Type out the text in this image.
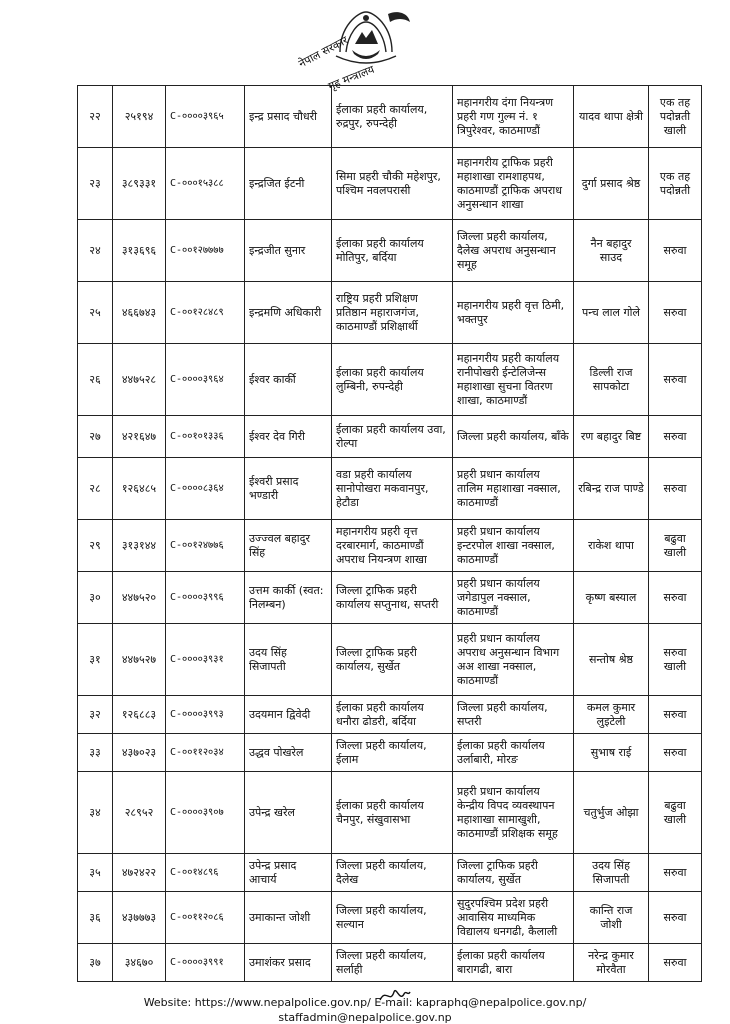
नेपाल सरकार
गृह मन्त्रालय
२२	२५१९४	C-००००३९६५	इन्द्र प्रसाद चौधरी	ईलाका प्रहरी कार्यालय, रुद्रपुर, रुपन्देही	महानगरीय दंगा नियन्त्रण प्रहरी गण गुल्म नं. १ त्रिपुरेश्वर, काठमाण्डौं	यादव थापा क्षेत्री	एक तह पदोन्नती खाली
२३	३८९३३१	C-०००१५३८८	इन्द्रजित ईटनी	सिमा प्रहरी चौकी महेशपुर, पश्चिम नवलपरासी	महानगरीय ट्राफिक प्रहरी महाशाखा रामशाहपथ, काठमाण्डौं ट्राफिक अपराध अनुसन्धान शाखा	दुर्गा प्रसाद श्रेष्ठ	एक तह पदोन्नती
२४	३१३६९६	C-००१२७७७७	इन्द्रजीत सुनार	ईलाका प्रहरी कार्यालय मोतिपुर, बर्दिया	जिल्ला प्रहरी कार्यालय, दैलेख अपराध अनुसन्धान समूह	नैन बहादुर साउद	सरुवा
२५	४६६७४३	C-००१२८४८९	इन्द्रमणि अधिकारी	राष्ट्रिय प्रहरी प्रशिक्षण प्रतिष्ठान महाराजगंज, काठमाण्डौं प्रशिक्षार्थी	महानगरीय प्रहरी वृत्त ठिमी, भक्तपुर	पन्च लाल गोले	सरुवा
२६	४४७५२८	C-००००३९६४	ईश्वर कार्की	ईलाका प्रहरी कार्यालय लुम्बिनी, रुपन्देही	महानगरीय प्रहरी कार्यालय रानीपोखरी ईन्टेलिजेन्स महाशाखा सुचना वितरण शाखा, काठमाण्डौं	डिल्ली राज सापकोटा	सरुवा
२७	४२१६४७	C-००१०१३३६	ईश्वर देव गिरी	ईलाका प्रहरी कार्यालय उवा, रोल्पा	जिल्ला प्रहरी कार्यालय, बाँके	रण बहादुर बिष्ट	सरुवा
२८	१२६४८५	C-००००८३६४	ईश्वरी प्रसाद भण्डारी	वडा प्रहरी कार्यालय सानोपोखरा मकवानपुर, हेटौडा	प्रहरी प्रधान कार्यालय तालिम महाशाखा नक्साल, काठमाण्डौं	रबिन्द्र राज पाण्डे	सरुवा
२९	३१३१४४	C-००१२४७७६	उज्ज्वल बहादुर सिंह	महानगरीय प्रहरी वृत्त दरबारमार्ग, काठमाण्डौं अपराध नियन्त्रण शाखा	प्रहरी प्रधान कार्यालय इन्टरपोल शाखा नक्साल, काठमाण्डौं	राकेश थापा	बढुवा खाली
३०	४४७५२०	C-००००३९९६	उत्तम कार्की (स्वत: निलम्बन)	जिल्ला ट्राफिक प्रहरी कार्यालय सप्तुनाथ, सप्तरी	प्रहरी प्रधान कार्यालय जगेडापुल नक्साल, काठमाण्डौं	कृष्ण बस्याल	सरुवा
३१	४४७५२७	C-००००३९३१	उदय सिंह सिजापती	जिल्ला ट्राफिक प्रहरी कार्यालय, सुर्खेत	प्रहरी प्रधान कार्यालय अपराध अनुसन्धान विभाग अअ शाखा नक्साल, काठमाण्डौं	सन्तोष श्रेष्ठ	सरुवा खाली
३२	१२६८८३	C-००००३९९३	उदयमान द्विवेदी	ईलाका प्रहरी कार्यालय धनौरा ढोडरी, बर्दिया	जिल्ला प्रहरी कार्यालय, सप्तरी	कमल कुमार लुइटेली	सरुवा
३३	४३७०२३	C-००११२०३४	उद्धव पोखरेल	जिल्ला प्रहरी कार्यालय, ईलाम	ईलाका प्रहरी कार्यालय उर्लाबारी, मोरङ	सुभाष राई	सरुवा
३४	२८९५२	C-००००३९०७	उपेन्द्र खरेल	ईलाका प्रहरी कार्यालय चैनपुर, संखुवासभा	प्रहरी प्रधान कार्यालय केन्द्रीय विपद व्यवस्थापन महाशाखा सामाखुशी, काठमाण्डौं प्रशिक्षक समूह	चतुर्भुज ओझा	बढुवा खाली
३५	४७२४२२	C-००१४८९६	उपेन्द्र प्रसाद आचार्य	जिल्ला प्रहरी कार्यालय, दैलेख	जिल्ला ट्राफिक प्रहरी कार्यालय, सुर्खेत	उदय सिंह सिजापती	सरुवा
३६	४३७७७३	C-००११२०८६	उमाकान्त जोशी	जिल्ला प्रहरी कार्यालय, सल्यान	सुदुरपश्चिम प्रदेश प्रहरी आवासिय माध्यमिक विद्यालय धनगढी, कैलाली	कान्ति राज जोशी	सरुवा
३७	३४६७०	C-००००३९९१	उमाशंकर प्रसाद	जिल्ला प्रहरी कार्यालय, सर्लाही	ईलाका प्रहरी कार्यालय बारागढी, बारा	नरेन्द्र कुमार मोरवैता	सरुवा
Website: https://www.nepalpolice.gov.np/ E-mail: kapraphq@nepalpolice.gov.np/
staffadmin@nepalpolice.gov.np
